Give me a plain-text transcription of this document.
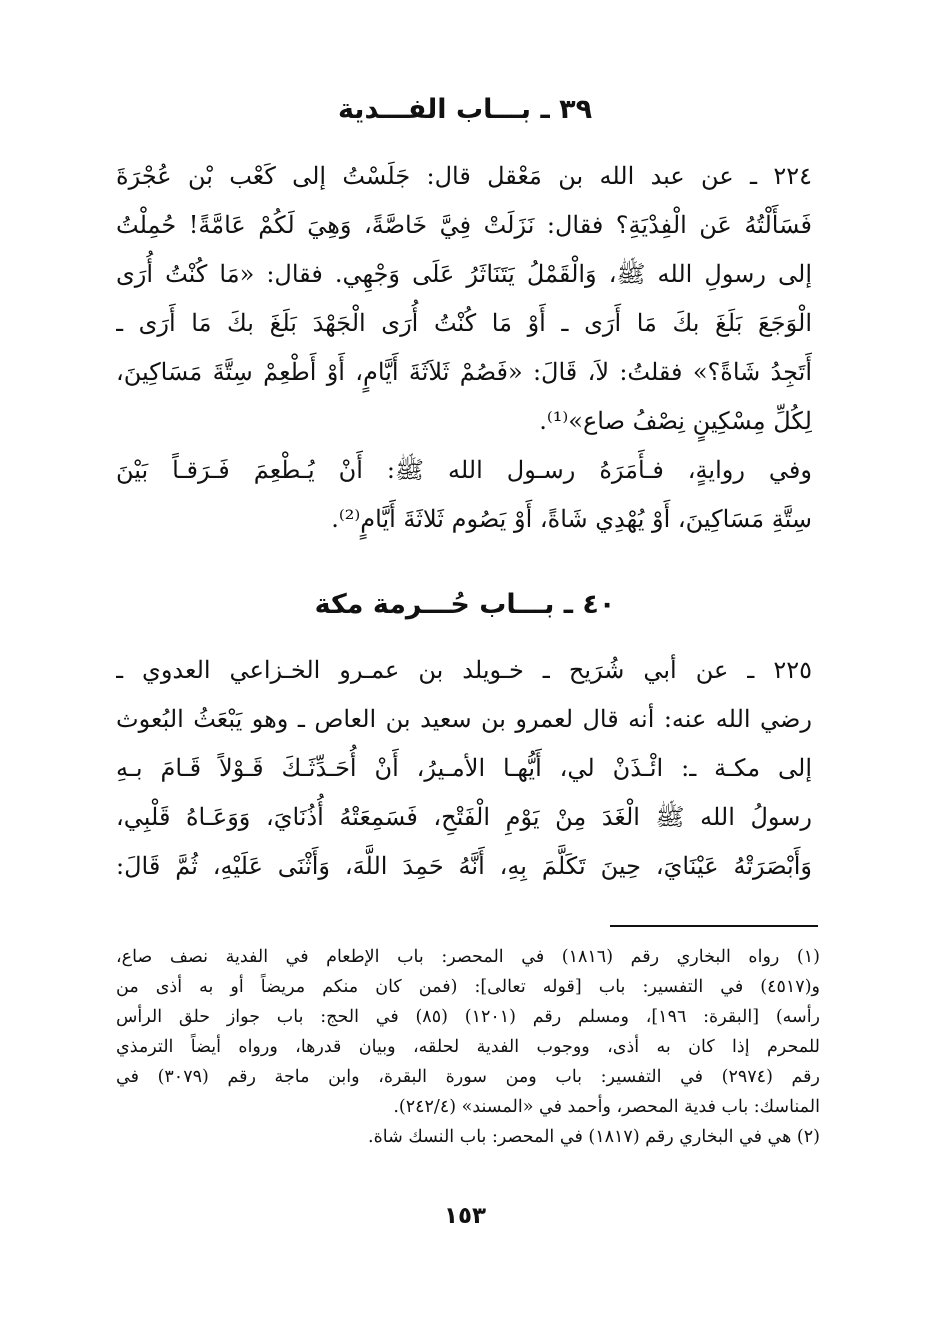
٣٩ ـ بـــاب الفـــدية
٢٢٤ ـ عن عبد الله بن مَعْقل قال: جَلَسْتُ إلى كَعْب بْن عُجْرَةَ
فَسَأَلْتُهُ عَن الْفِدْيَةِ؟ فقال: نَزَلَتْ فِيَّ خَاصَّةً، وَهِيَ لَكُمْ عَامَّةً! حُمِلْتُ
إلى رسولِ الله ﷺ، وَالْقَمْلُ يَتَنَاثَرُ عَلَى وَجْهِي. فقال: «مَا كُنْتُ أُرَى
الْوَجَعَ بَلَغَ بكَ مَا أَرَى ـ أَوْ مَا كُنْتُ أُرَى الْجَهْدَ بَلَغَ بكَ مَا أَرَى ـ
أَتَجِدُ شَاةً؟» فقلتُ: لاَ، قَالَ: «فَصُمْ ثَلاَثَةَ أَيَّامٍ، أَوْ أَطْعِمْ سِتَّةَ مَسَاكِينَ،
لِكُلِّ مِسْكِينٍ نِصْفُ صاع»⁽¹⁾.
وفي روايةٍ، فـأَمَرَهُ رسـول الله ﷺ: أَنْ يُـطْعِمَ فَـرَقـاً بَيْنَ
سِتَّةِ مَسَاكِينَ، أَوْ يُهْدِي شَاةً، أَوْ يَصُوم ثَلاثَةَ أَيَّامٍ⁽²⁾.
٤٠ ـ بـــاب حُـــرمة مكة
٢٢٥ ـ عن أبي شُرَيح ـ خـويلد بن عمـرو الخـزاعي العدوي ـ
رضي الله عنه: أنه قال لعمرو بن سعيد بن العاص ـ وهو يَبْعَثُ البُعوث
إلى مكـة ـ: ائْـذَنْ لي، أَيُّهـا الأمـيرُ، أَنْ أُحَـدِّثَـكَ قَـوْلاً قَـامَ بـهِ
رسولُ الله ﷺ الْغَدَ مِنْ يَوْمِ الْفَتْحِ، فَسَمِعَتْهُ أُذُنَايَ، وَوَعَـاهُ قَلْبِي،
وَأَبْصَرَتْهُ عَيْنَايَ، حِينَ تَكَلَّمَ بِهِ، أَنَّهُ حَمِدَ اللَّهَ، وَأَثْنَى عَلَيْهِ، ثُمَّ قَالَ:
(١) رواه البخاري رقم (١٨١٦) في المحصر: باب الإطعام في الفدية نصف صاع،
و(٤٥١٧) في التفسير: باب [قوله تعالى]: (فمن كان منكم مريضاً أو به أذى من
رأسه) [البقرة: ١٩٦]، ومسلم رقم (١٢٠١) (٨٥) في الحج: باب جواز حلق الرأس
للمحرم إذا كان به أذى، ووجوب الفدية لحلقه، وبيان قدرها، ورواه أيضاً الترمذي
رقم (٢٩٧٤) في التفسير: باب ومن سورة البقرة، وابن ماجة رقم (٣٠٧٩) في
المناسك: باب فدية المحصر، وأحمد في «المسند» (٢٤٢/٤).
(٢) هي في البخاري رقم (١٨١٧) في المحصر: باب النسك شاة.
١٥٣
